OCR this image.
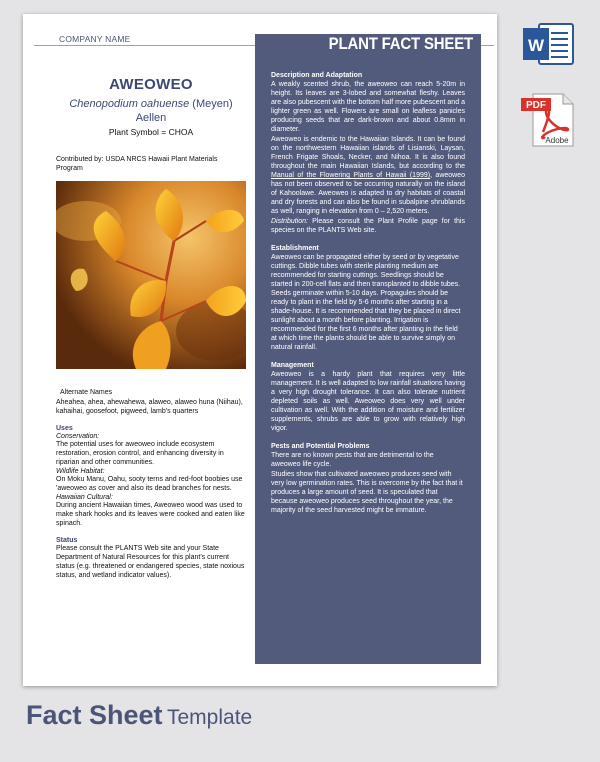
COMPANY NAME
AWEOWEO
Chenopodium oahuense (Meyen)
Aellen
Plant Symbol = CHOA
Contributed by: USDA NRCS Hawaii Plant Materials Program
Alternate Names
Aheahea, ahea, ahewahewa, alaweo, alaweo huna (Niihau), kahaihai, goosefoot, pigweed, lamb's quarters
Uses
Conservation:
The potential uses for aweoweo include ecosystem restoration, erosion control, and enhancing diversity in riparian and other communities.
Wildlife Habitat:
On Moku Manu, Oahu, sooty terns and red-foot boobies use 'aweoweo as cover and also its dead branches for nests.
Hawaiian Cultural:
During ancient Hawaiian times, Aweoweo wood was used to make shark hooks and its leaves were cooked and eaten like spinach.
Status
Please consult the PLANTS Web site and your State Department of Natural Resources for this plant's current status (e.g. threatened or endangered species, state noxious status, and wetland indicator values).
PLANT FACT SHEET
Description and Adaptation
A weakly scented shrub, the aweoweo can reach 5-20m in height. Its leaves are 3-lobed and somewhat fleshy. Leaves are also pubescent with the bottom half more pubescent and a lighter green as well. Flowers are small on leafless panicles producing seeds that are dark-brown and about 0.8mm in diameter.
Aweoweo is endemic to the Hawaiian Islands. It can be found on the northwestern Hawaiian islands of Lisianski, Laysan, French Frigate Shoals, Necker, and Nihoa. It is also found throughout the main Hawaiian Islands, but according to the Manual of the Flowering Plants of Hawaii (1999), aweoweo has not been observed to be occurring naturally on the island of Kahoolawe. Aweoweo is adapted to dry habitats of coastal and dry forests and can also be found in subalpine shrublands as well, ranging in elevation from 0 – 2,520 meters.
Distribution: Please consult the Plant Profile page for this species on the PLANTS Web site.
Establishment
Aweoweo can be propagated either by seed or by vegetative cuttings. Dibble tubes with sterile planting medium are recommended for starting cuttings. Seedlings should be started in 200-cell flats and then transplanted to dibble tubes. Seeds germinate within 5-10 days. Propagules should be ready to plant in the field by 5-6 months after starting in a shade-house. It is recommended that they be placed in direct sunlight about a month before planting. Irrigation is recommended for the first 6 months after planting in the field at which time the plants should be able to survive simply on natural rainfall.
Management
Aweoweo is a hardy plant that requires very little management. It is well adapted to low rainfall situations having a very high drought tolerance. It can also tolerate nutrient depleted soils as well. Aweoweo does very well under cultivation as well. With the addition of moisture and fertilizer supplements, shrubs are able to grow with relatively high vigor.
Pests and Potential Problems
There are no known pests that are detrimental to the aweoweo life cycle.
Studies show that cultivated aweoweo produces seed with very low germination rates. This is overcome by the fact that it produces a large amount of seed. It is speculated that because aweoweo produces seed throughout the year, the majority of the seed harvested might be immature.
W
PDF
Adobe
Fact Sheet Template
